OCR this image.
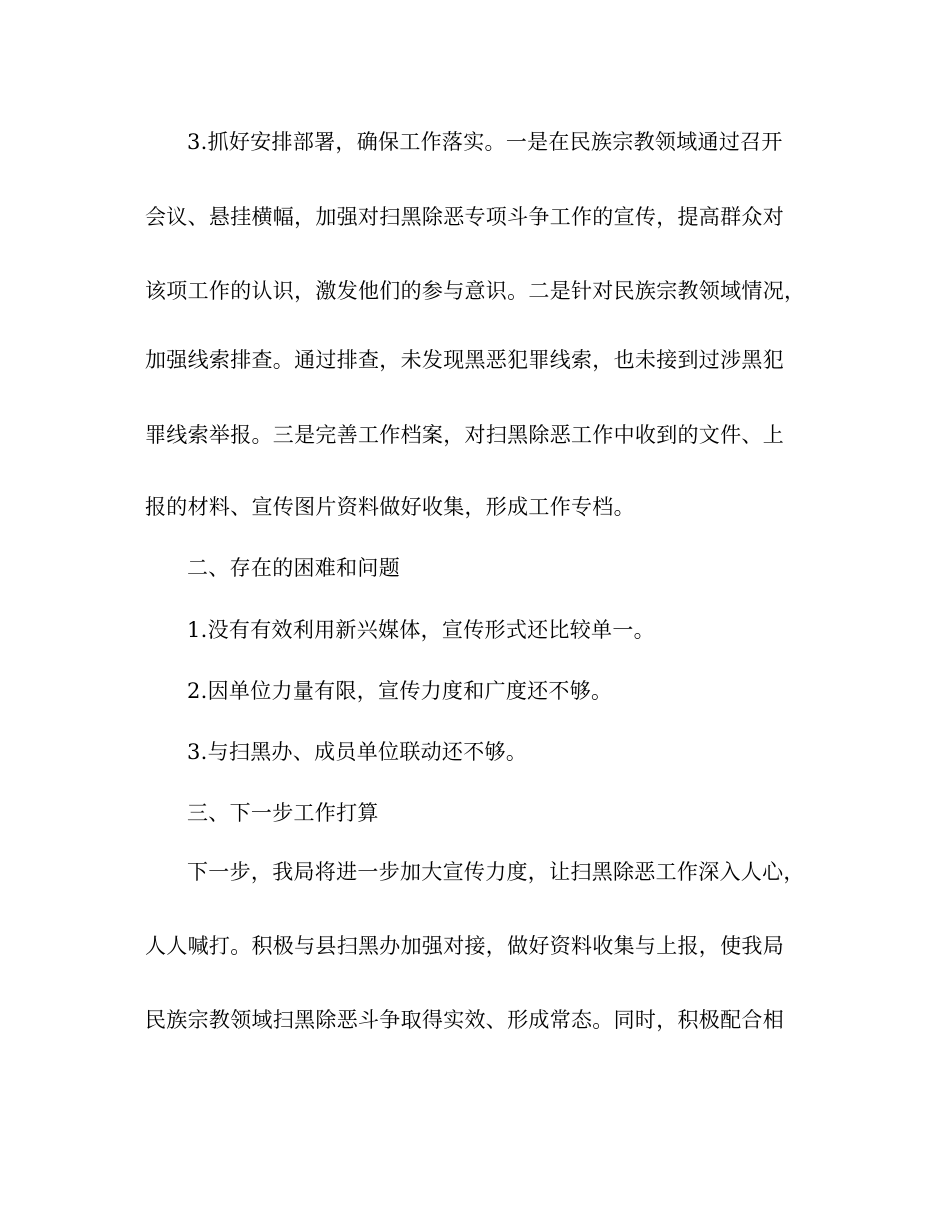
3.抓好安排部署，确保工作落实。一是在民族宗教领域通过召开
会议、悬挂横幅，加强对扫黑除恶专项斗争工作的宣传，提高群众对
该项工作的认识，激发他们的参与意识。二是针对民族宗教领域情况，
加强线索排查。通过排查，未发现黑恶犯罪线索，也未接到过涉黑犯
罪线索举报。三是完善工作档案，对扫黑除恶工作中收到的文件、上
报的材料、宣传图片资料做好收集，形成工作专档。
二、存在的困难和问题
1.没有有效利用新兴媒体，宣传形式还比较单一。
2.因单位力量有限，宣传力度和广度还不够。
3.与扫黑办、成员单位联动还不够。
三、下一步工作打算
下一步，我局将进一步加大宣传力度，让扫黑除恶工作深入人心，
人人喊打。积极与县扫黑办加强对接，做好资料收集与上报，使我局
民族宗教领域扫黑除恶斗争取得实效、形成常态。同时，积极配合相
